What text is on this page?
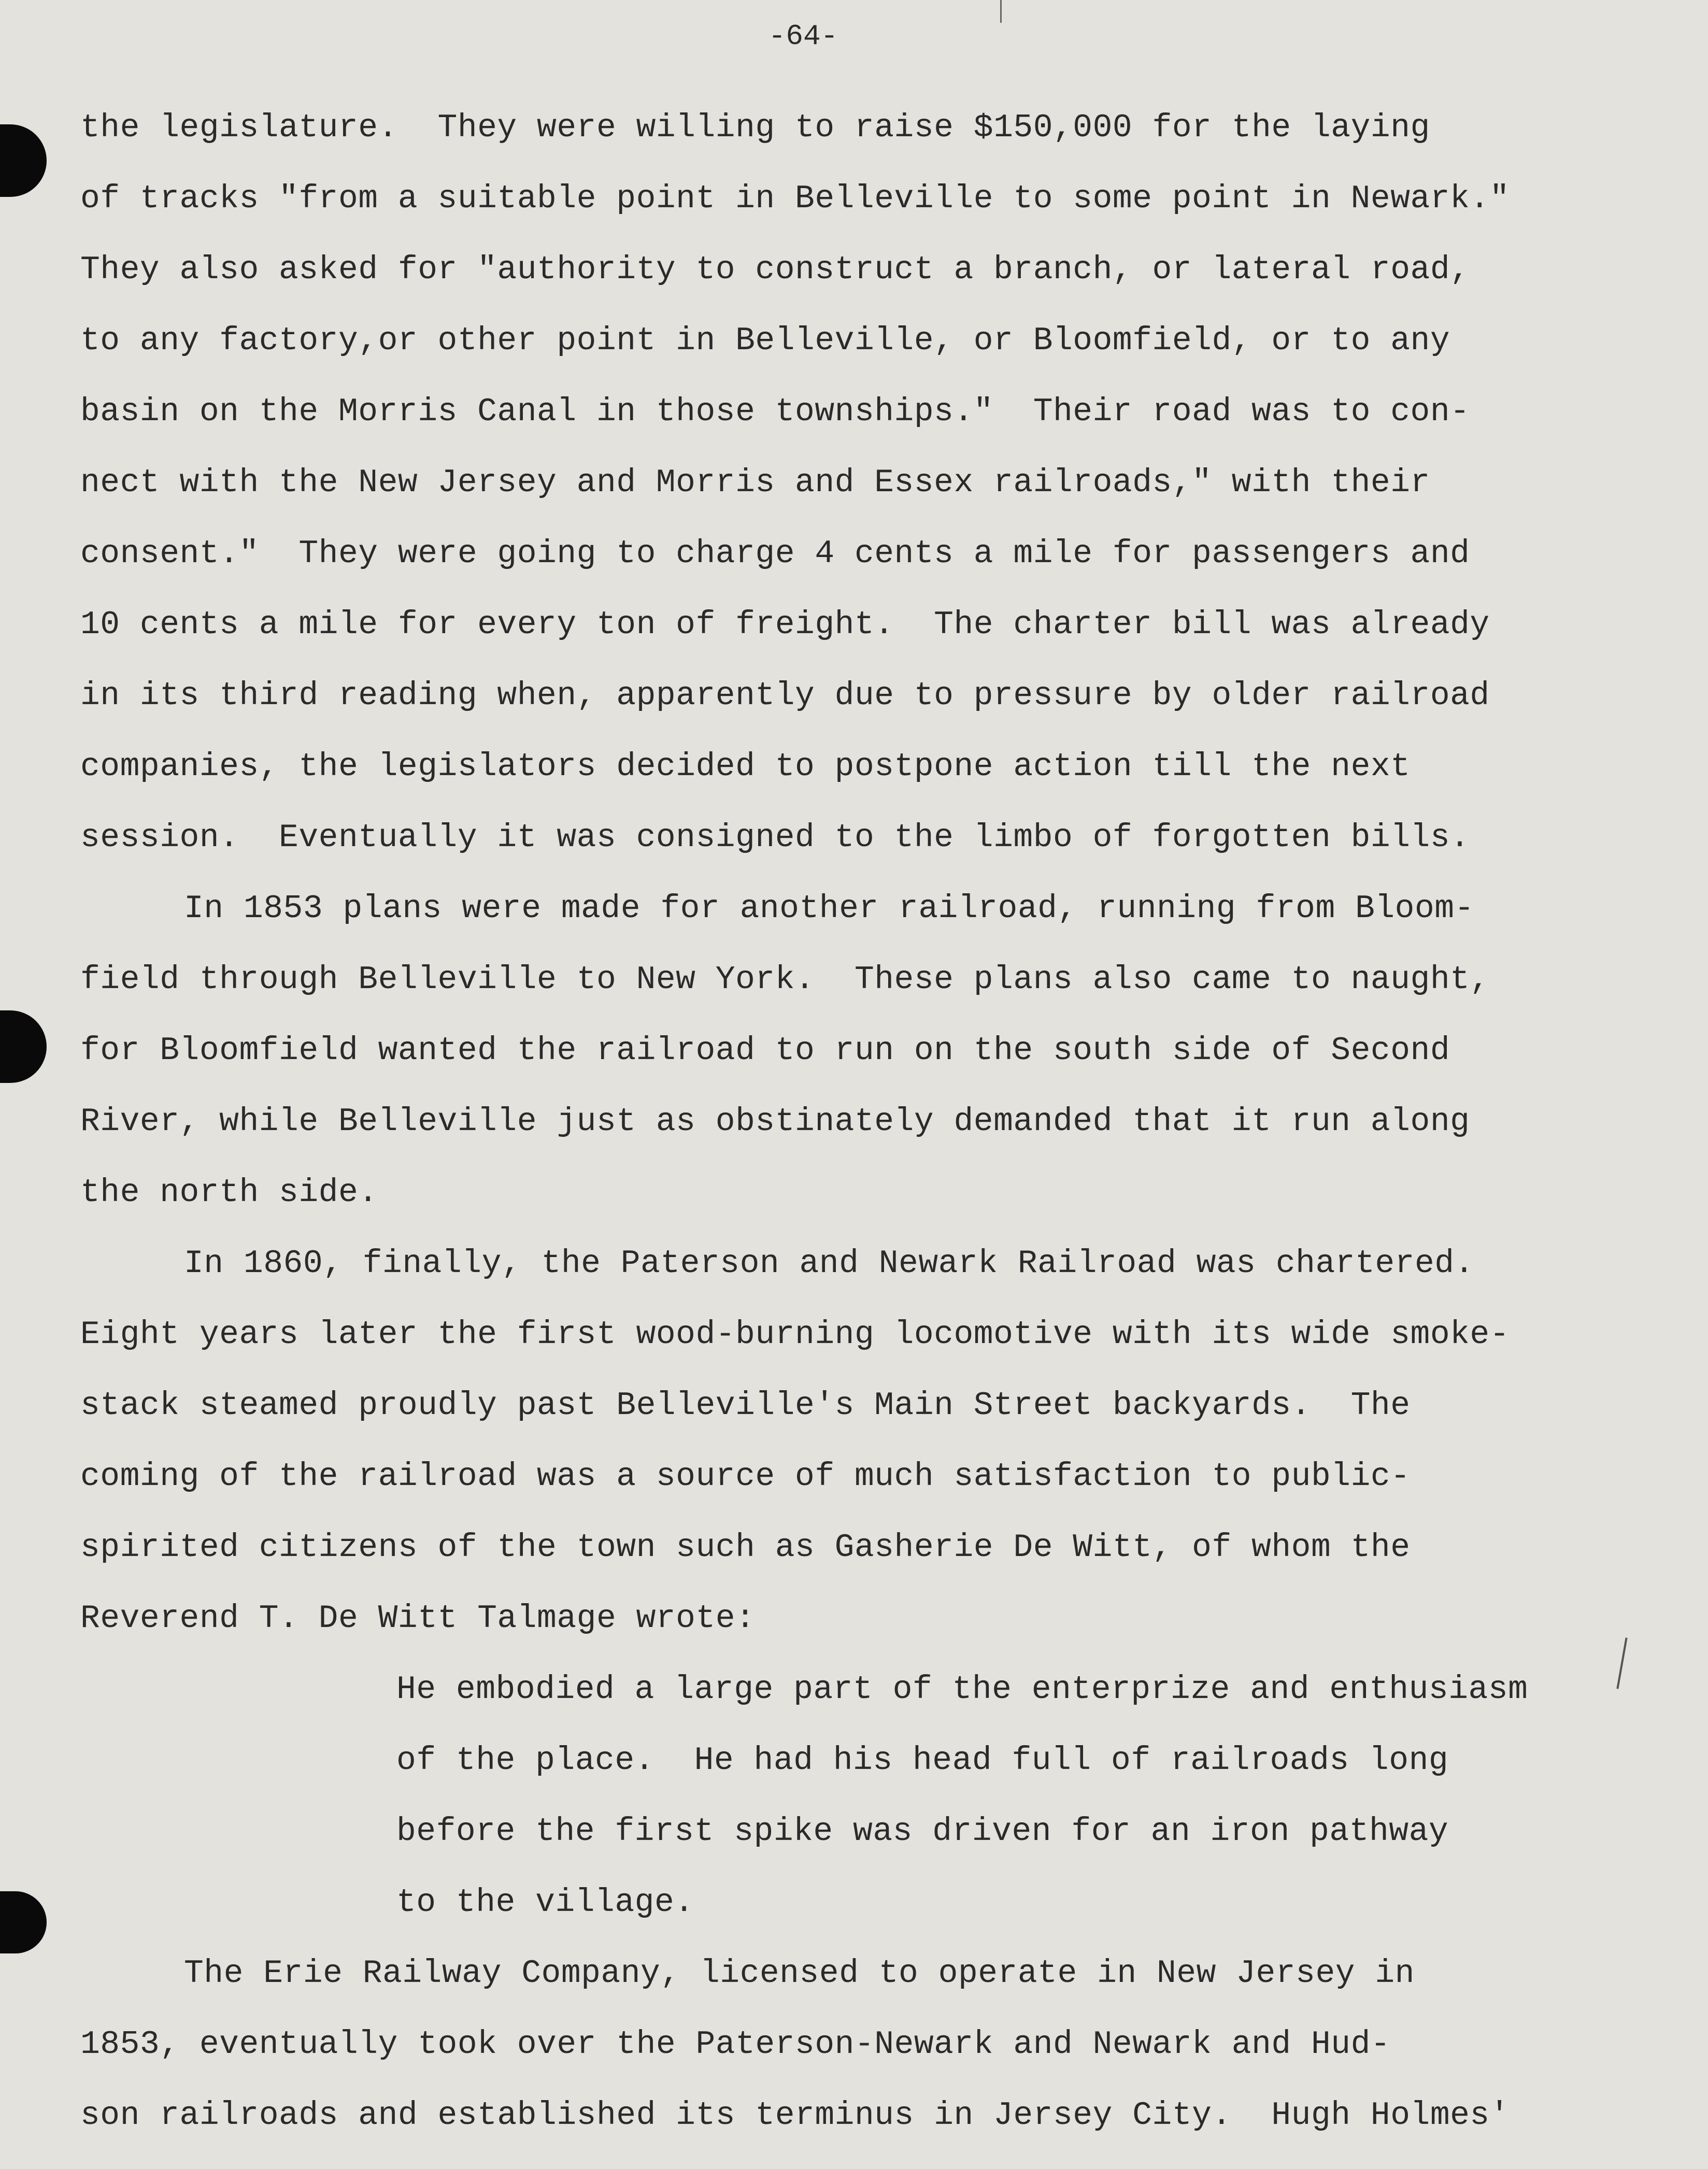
-64-
the legislature.  They were willing to raise $150,000 for the laying
of tracks "from a suitable point in Belleville to some point in Newark."
They also asked for "authority to construct a branch, or lateral road,
to any factory,or other point in Belleville, or Bloomfield, or to any
basin on the Morris Canal in those townships."  Their road was to con-
nect with the New Jersey and Morris and Essex railroads," with their
consent."  They were going to charge 4 cents a mile for passengers and
10 cents a mile for every ton of freight.  The charter bill was already
in its third reading when, apparently due to pressure by older railroad
companies, the legislators decided to postpone action till the next
session.  Eventually it was consigned to the limbo of forgotten bills.
In 1853 plans were made for another railroad, running from Bloom-
field through Belleville to New York.  These plans also came to naught,
for Bloomfield wanted the railroad to run on the south side of Second
River, while Belleville just as obstinately demanded that it run along
the north side.
In 1860, finally, the Paterson and Newark Railroad was chartered.
Eight years later the first wood-burning locomotive with its wide smoke-
stack steamed proudly past Belleville's Main Street backyards.  The
coming of the railroad was a source of much satisfaction to public-
spirited citizens of the town such as Gasherie De Witt, of whom the
Reverend T. De Witt Talmage wrote:
He embodied a large part of the enterprize and enthusiasm
of the place.  He had his head full of railroads long
before the first spike was driven for an iron pathway
to the village.
The Erie Railway Company, licensed to operate in New Jersey in
1853, eventually took over the Paterson-Newark and Newark and Hud-
son railroads and established its terminus in Jersey City.  Hugh Holmes'
